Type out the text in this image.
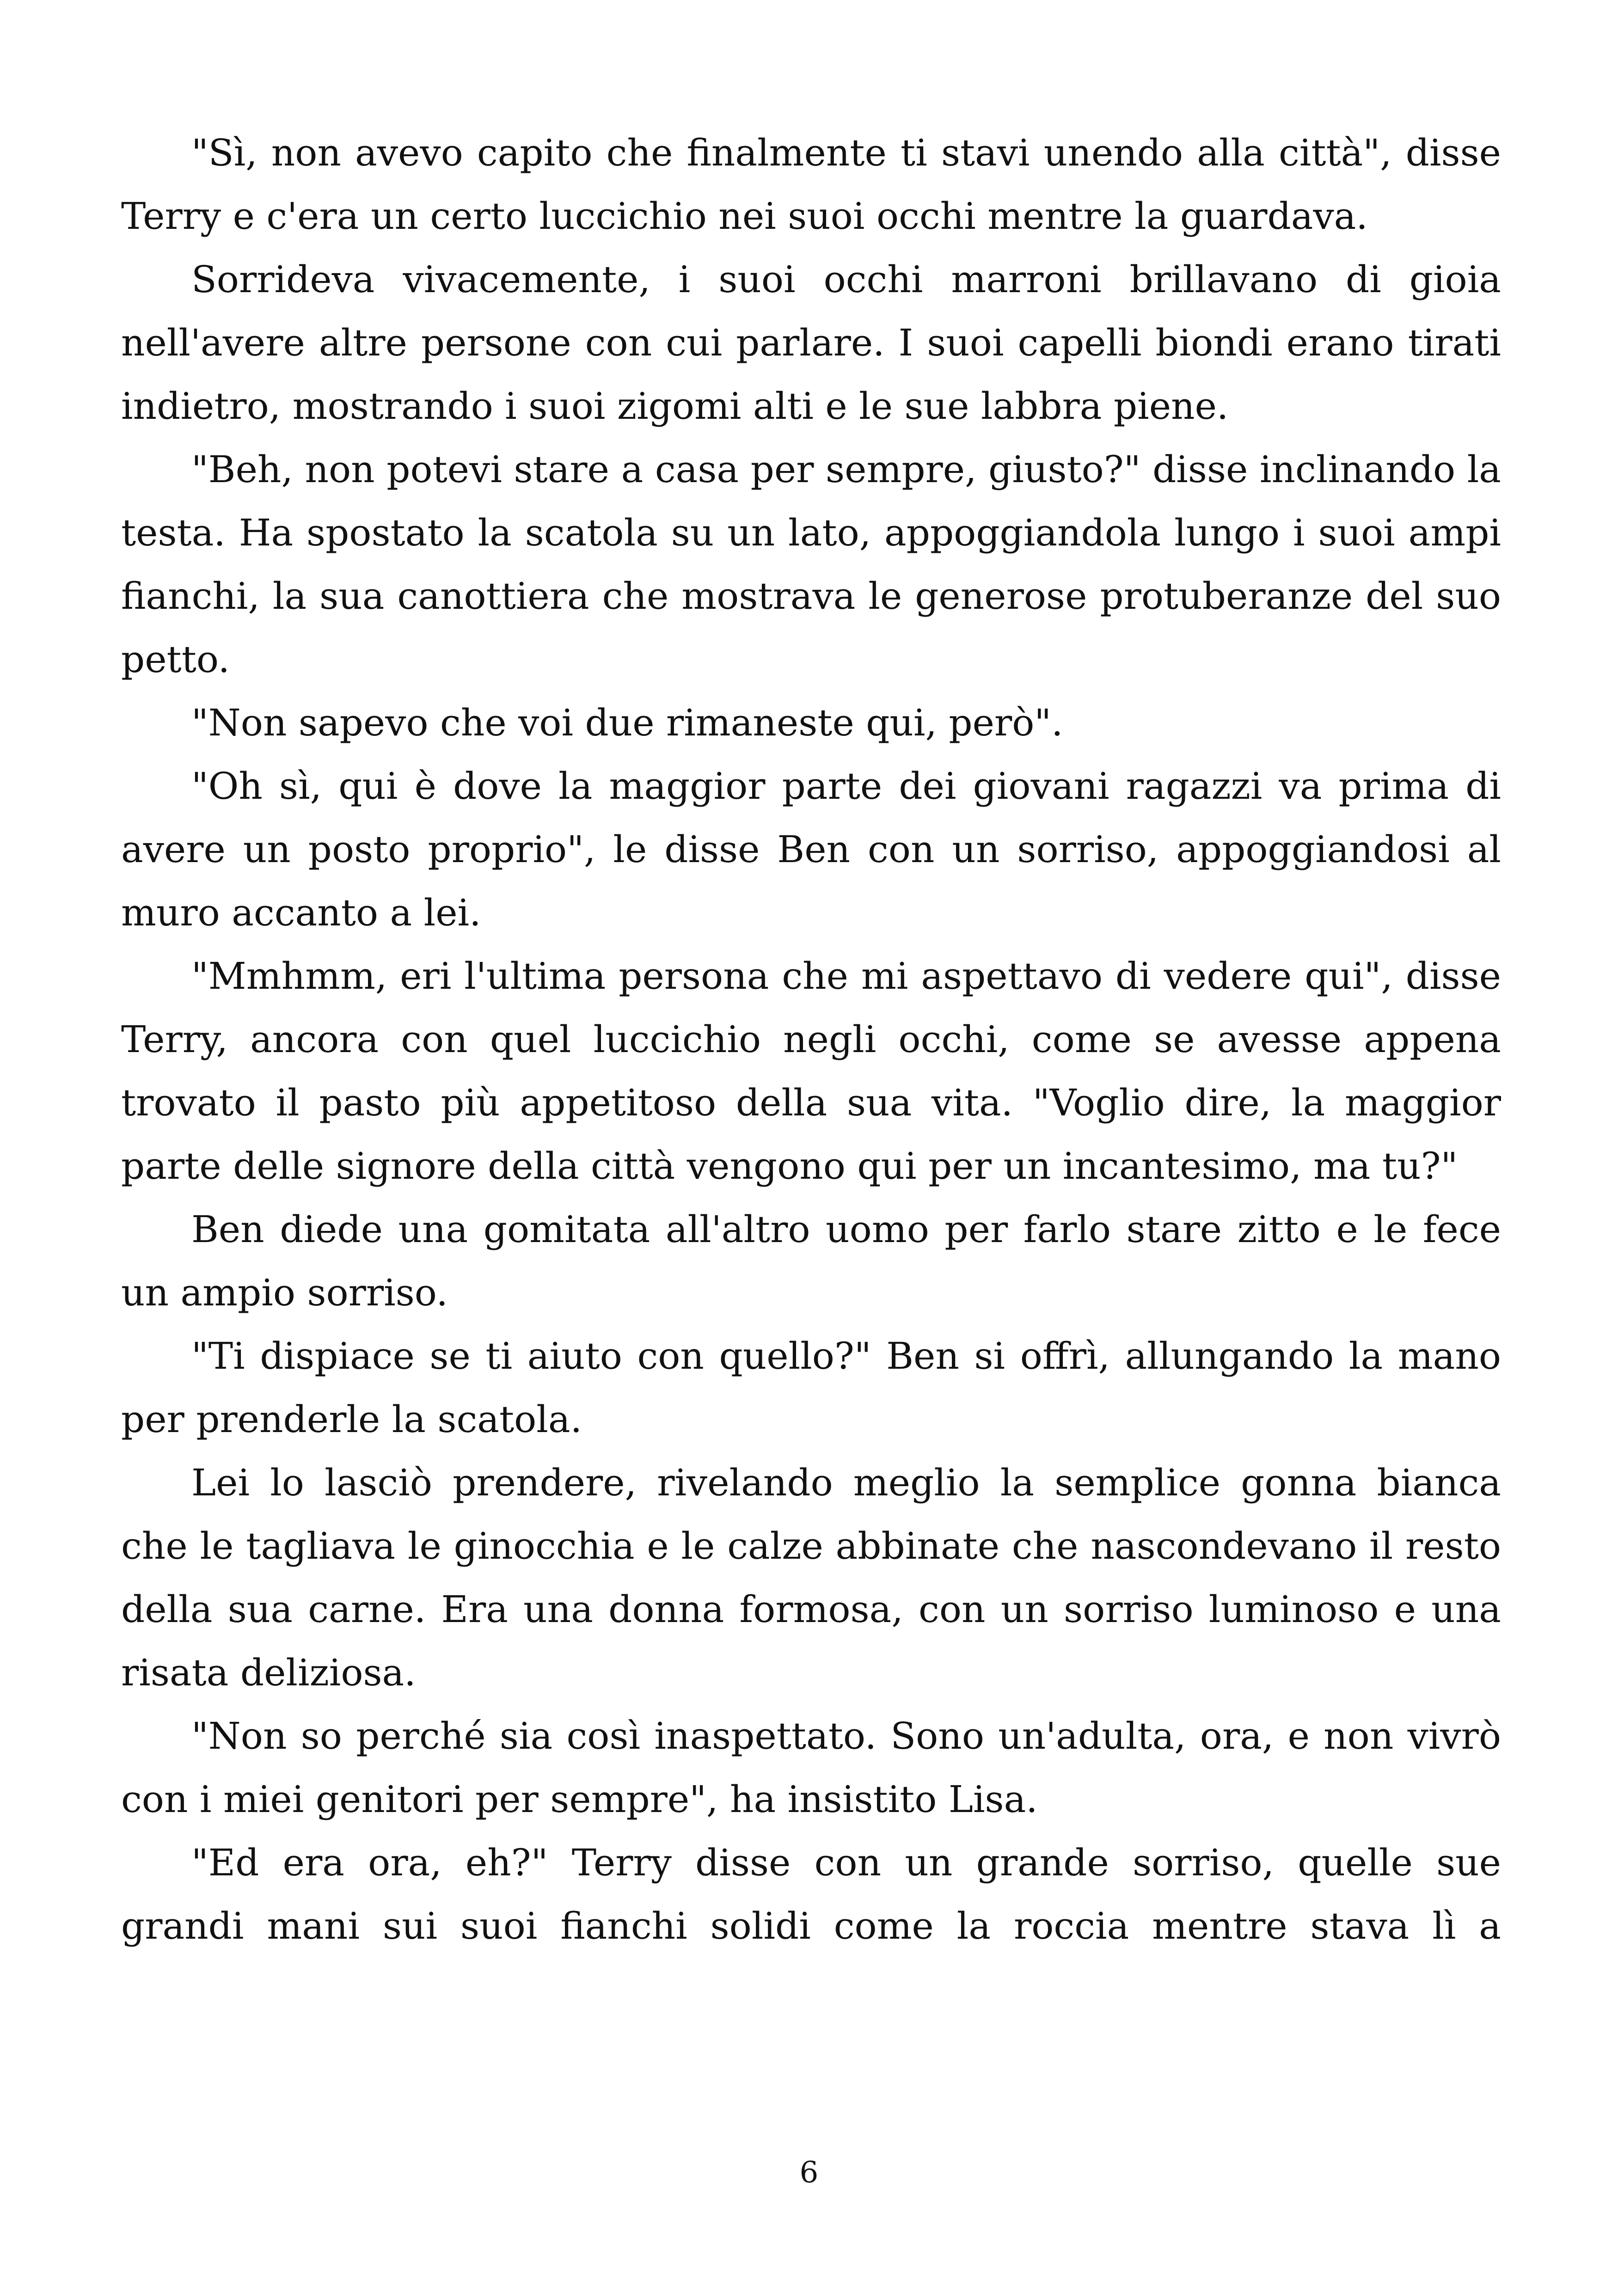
"Sì, non avevo capito che finalmente ti stavi unendo alla città", disse Terry e c'era un certo luccichio nei suoi occhi mentre la guardava.

Sorrideva vivacemente, i suoi occhi marroni brillavano di gioia nell'avere altre persone con cui parlare. I suoi capelli biondi erano tirati indietro, mostrando i suoi zigomi alti e le sue labbra piene.

"Beh, non potevi stare a casa per sempre, giusto?" disse inclinando la testa. Ha spostato la scatola su un lato, appoggiandola lungo i suoi ampi fianchi, la sua canottiera che mostrava le generose protuberanze del suo petto.

"Non sapevo che voi due rimaneste qui, però".

"Oh sì, qui è dove la maggior parte dei giovani ragazzi va prima di avere un posto proprio", le disse Ben con un sorriso, appoggiandosi al muro accanto a lei.

"Mmhmm, eri l'ultima persona che mi aspettavo di vedere qui", disse Terry, ancora con quel luccichio negli occhi, come se avesse appena trovato il pasto più appetitoso della sua vita. "Voglio dire, la maggior parte delle signore della città vengono qui per un incantesimo, ma tu?"

Ben diede una gomitata all'altro uomo per farlo stare zitto e le fece un ampio sorriso.

"Ti dispiace se ti aiuto con quello?" Ben si offrì, allungando la mano per prenderle la scatola.

Lei lo lasciò prendere, rivelando meglio la semplice gonna bianca che le tagliava le ginocchia e le calze abbinate che nascondevano il resto della sua carne. Era una donna formosa, con un sorriso luminoso e una risata deliziosa.

"Non so perché sia così inaspettato. Sono un'adulta, ora, e non vivrò con i miei genitori per sempre", ha insistito Lisa.

"Ed era ora, eh?" Terry disse con un grande sorriso, quelle sue grandi mani sui suoi fianchi solidi come la roccia mentre stava lì a

6
